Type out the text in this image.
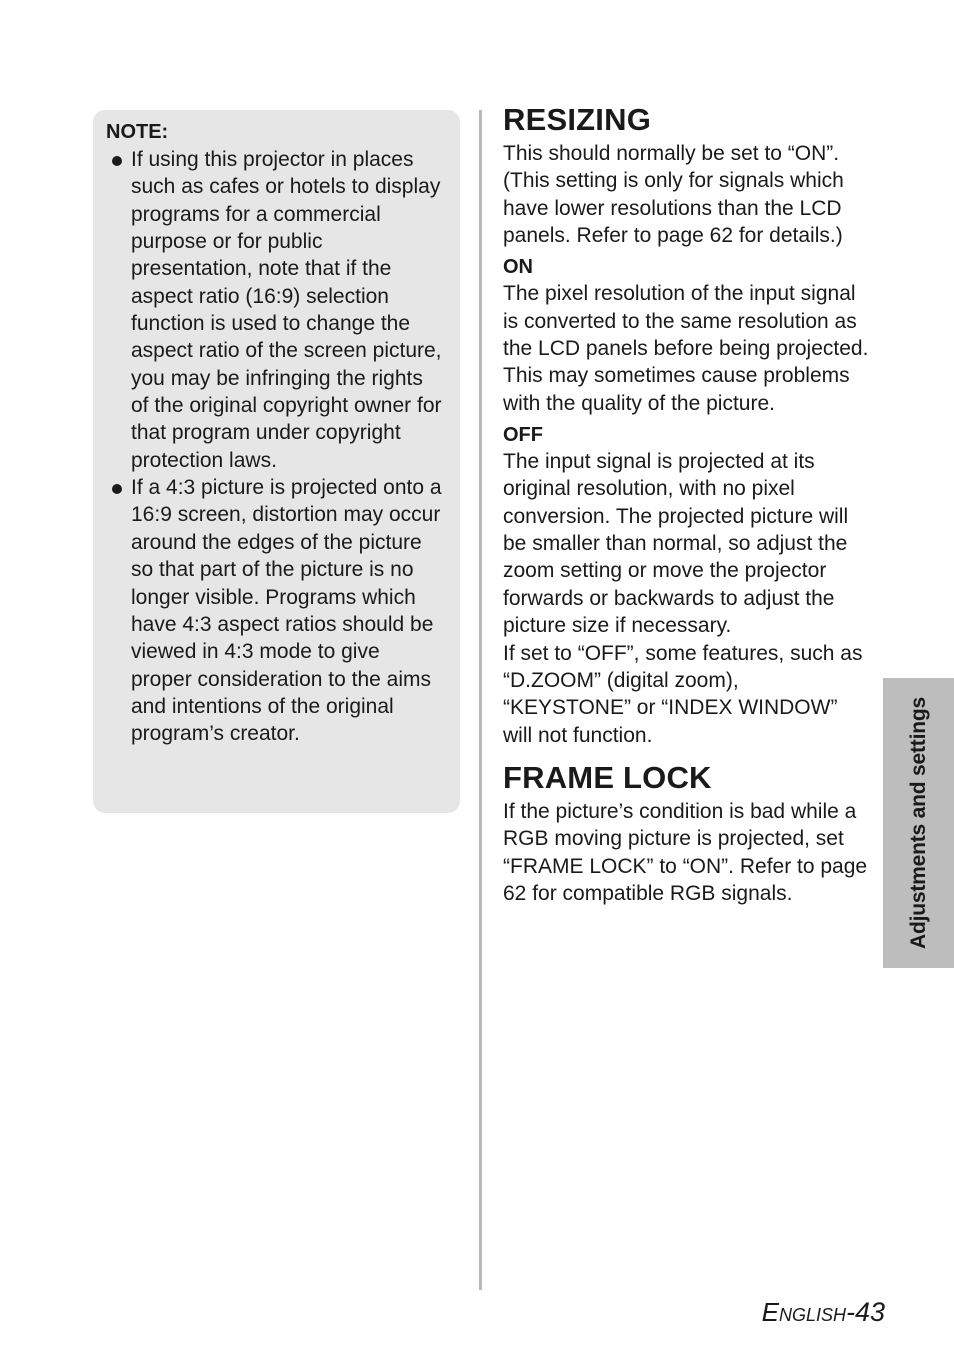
NOTE:
If using this projector in places such as cafes or hotels to display programs for a commercial purpose or for public presentation, note that if the aspect ratio (16:9) selection function is used to change the aspect ratio of the screen picture, you may be infringing the rights of the original copyright owner for that program under copyright protection laws.
If a 4:3 picture is projected onto a 16:9 screen, distortion may occur around the edges of the picture so that part of the picture is no longer visible. Programs which have 4:3 aspect ratios should be viewed in 4:3 mode to give proper consideration to the aims and intentions of the original program’s creator.
RESIZING

This should normally be set to “ON”. (This setting is only for signals which have lower resolutions than the LCD panels. Refer to page 62 for details.)

ON

The pixel resolution of the input signal is converted to the same resolution as the LCD panels before being projected.

This may sometimes cause problems with the quality of the picture.

OFF

The input signal is projected at its original resolution, with no pixel conversion. The projected picture will be smaller than normal, so adjust the zoom setting or move the projector forwards or backwards to adjust the picture size if necessary.

If set to “OFF”, some features, such as “D.ZOOM” (digital zoom), “KEYSTONE” or “INDEX WINDOW” will not function.

FRAME LOCK

If the picture’s condition is bad while a RGB moving picture is projected, set “FRAME LOCK” to “ON”. Refer to page 62 for compatible RGB signals.	Adjustments and settings
English-43
